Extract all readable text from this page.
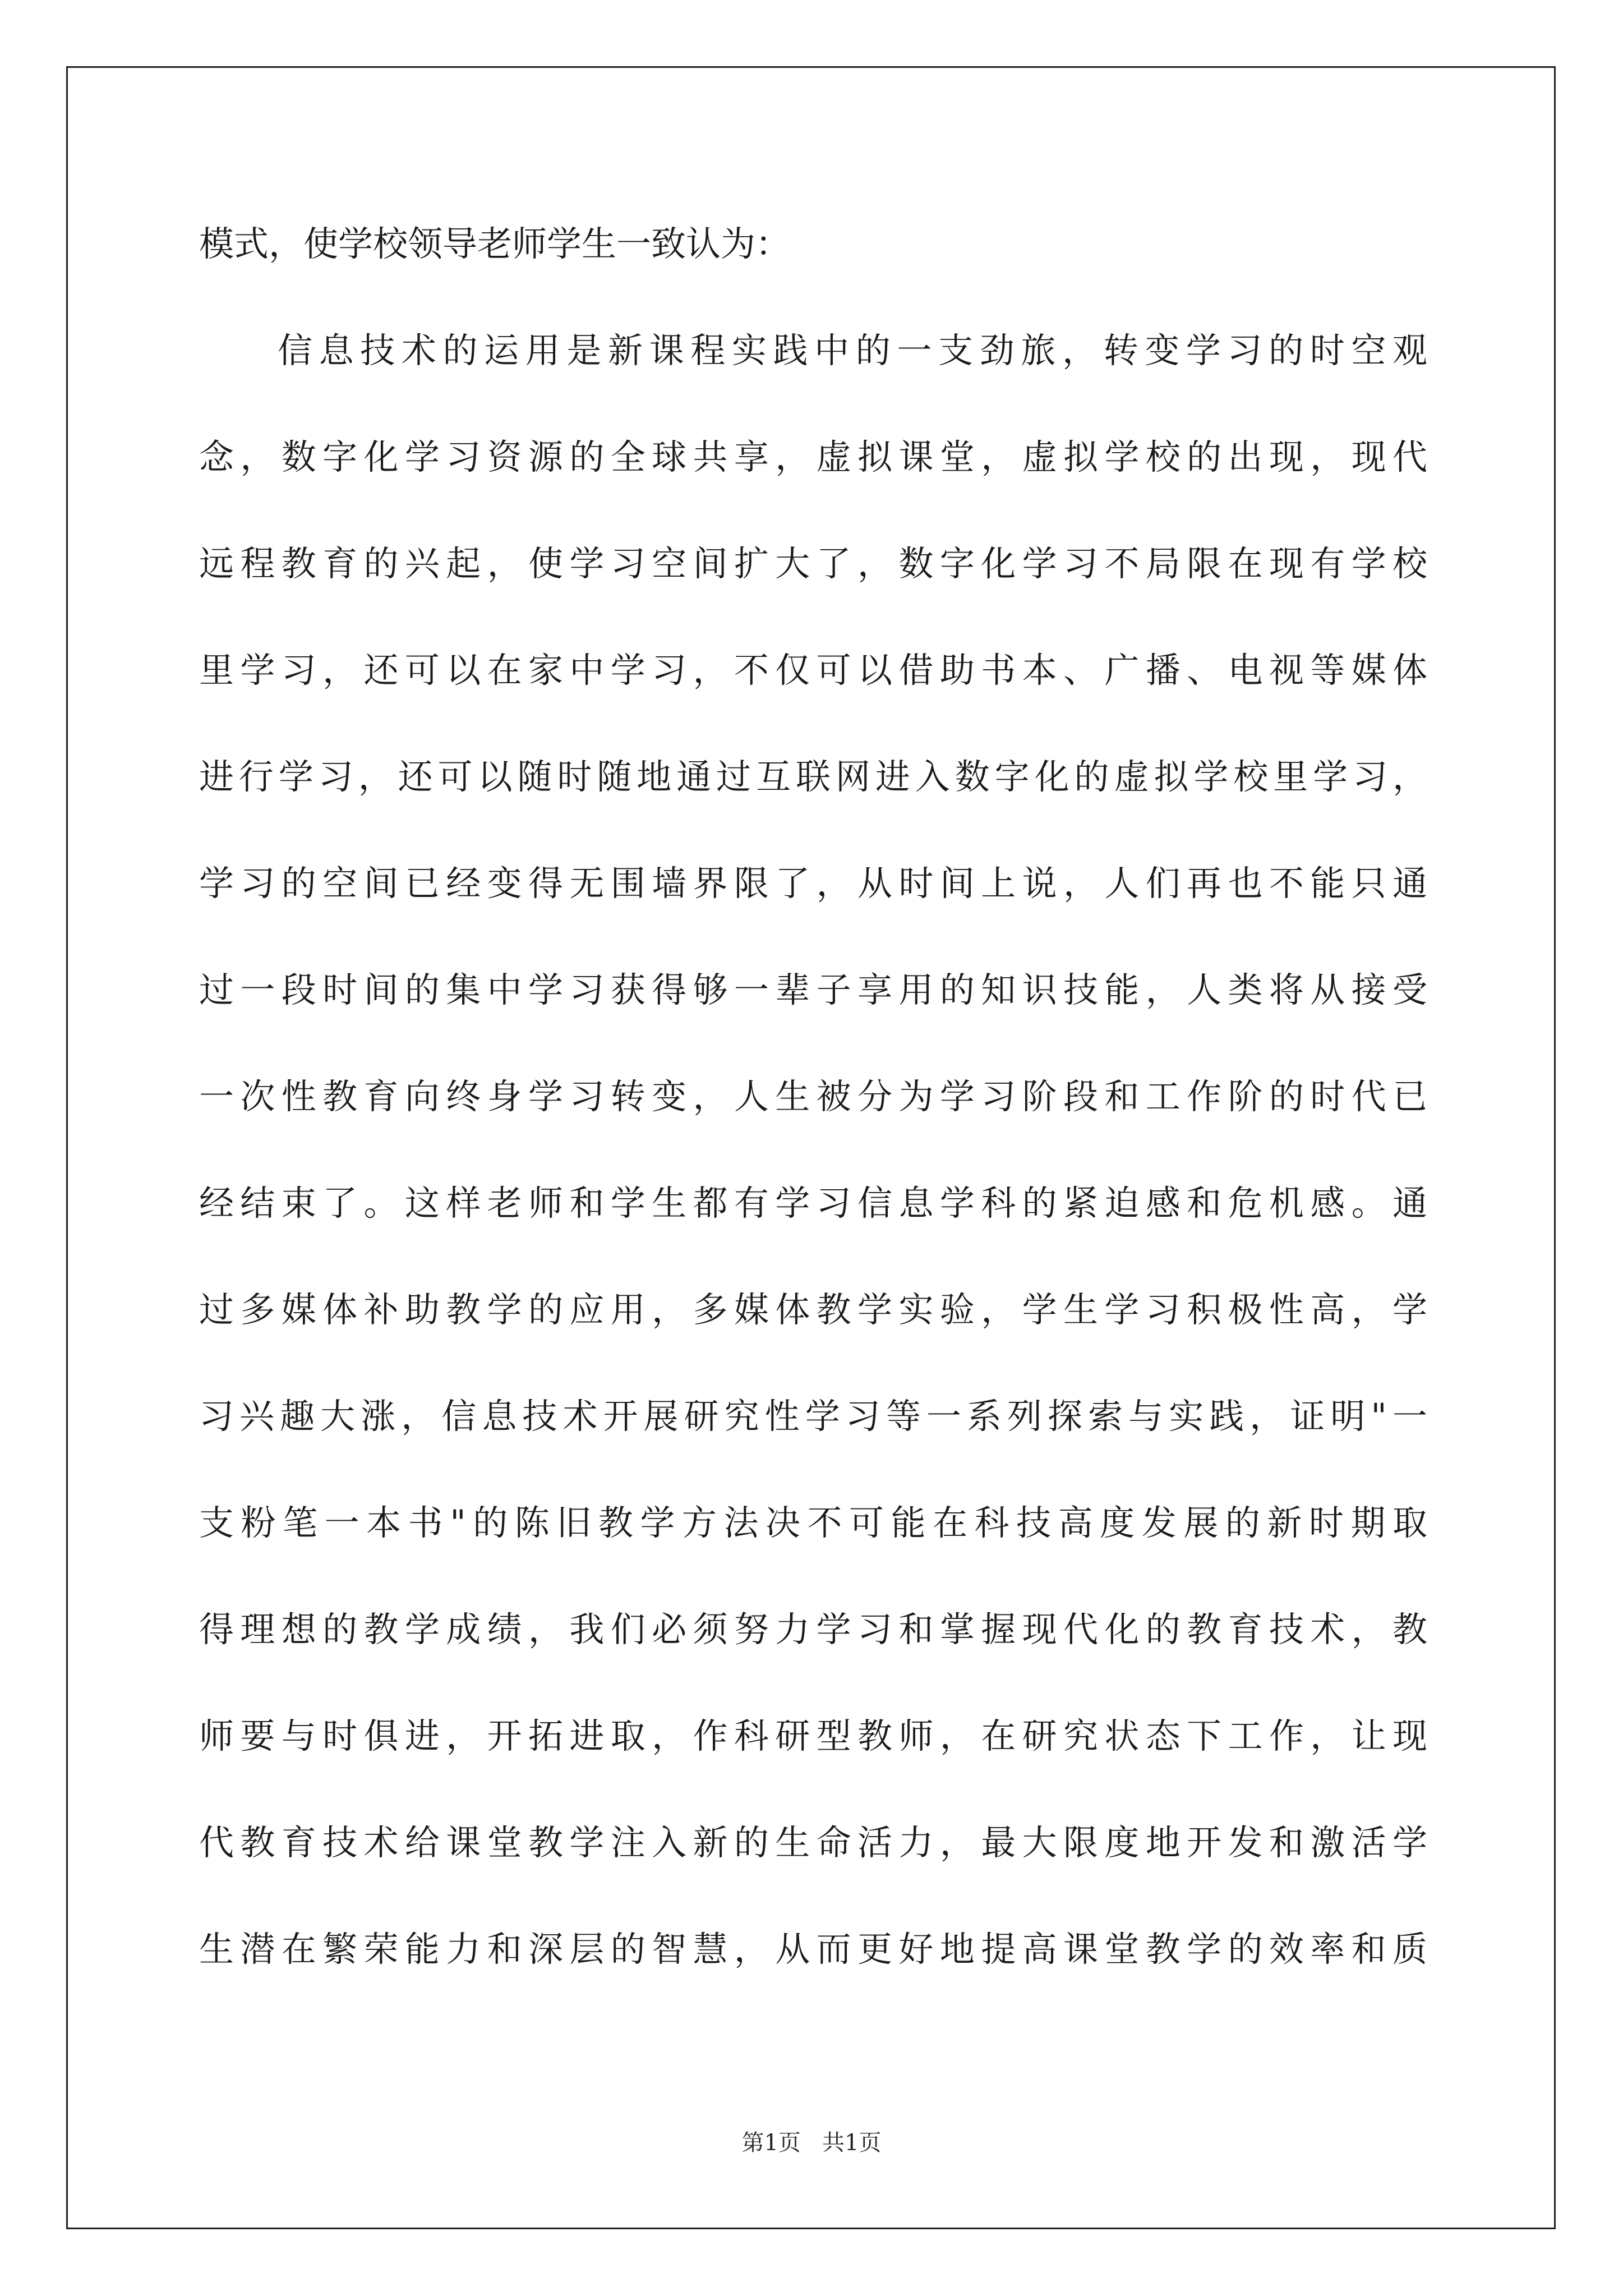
模式，使学校领导老师学生一致认为：
信息技术的运用是新课程实践中的一支劲旅，转变学习的时空观
念，数字化学习资源的全球共享，虚拟课堂，虚拟学校的出现，现代
远程教育的兴起，使学习空间扩大了，数字化学习不局限在现有学校
里学习，还可以在家中学习，不仅可以借助书本、广播、电视等媒体
进行学习，还可以随时随地通过互联网进入数字化的虚拟学校里学习，
学习的空间已经变得无围墙界限了，从时间上说，人们再也不能只通
过一段时间的集中学习获得够一辈子享用的知识技能，人类将从接受
一次性教育向终身学习转变，人生被分为学习阶段和工作阶的时代已
经结束了。这样老师和学生都有学习信息学科的紧迫感和危机感。通
过多媒体补助教学的应用，多媒体教学实验，学生学习积极性高，学
习兴趣大涨，信息技术开展研究性学习等一系列探索与实践，证明"一
支粉笔一本书"的陈旧教学方法决不可能在科技高度发展的新时期取
得理想的教学成绩，我们必须努力学习和掌握现代化的教育技术，教
师要与时俱进，开拓进取，作科研型教师，在研究状态下工作，让现
代教育技术给课堂教学注入新的生命活力，最大限度地开发和激活学
生潜在繁荣能力和深层的智慧，从而更好地提高课堂教学的效率和质
第1页   共1页
